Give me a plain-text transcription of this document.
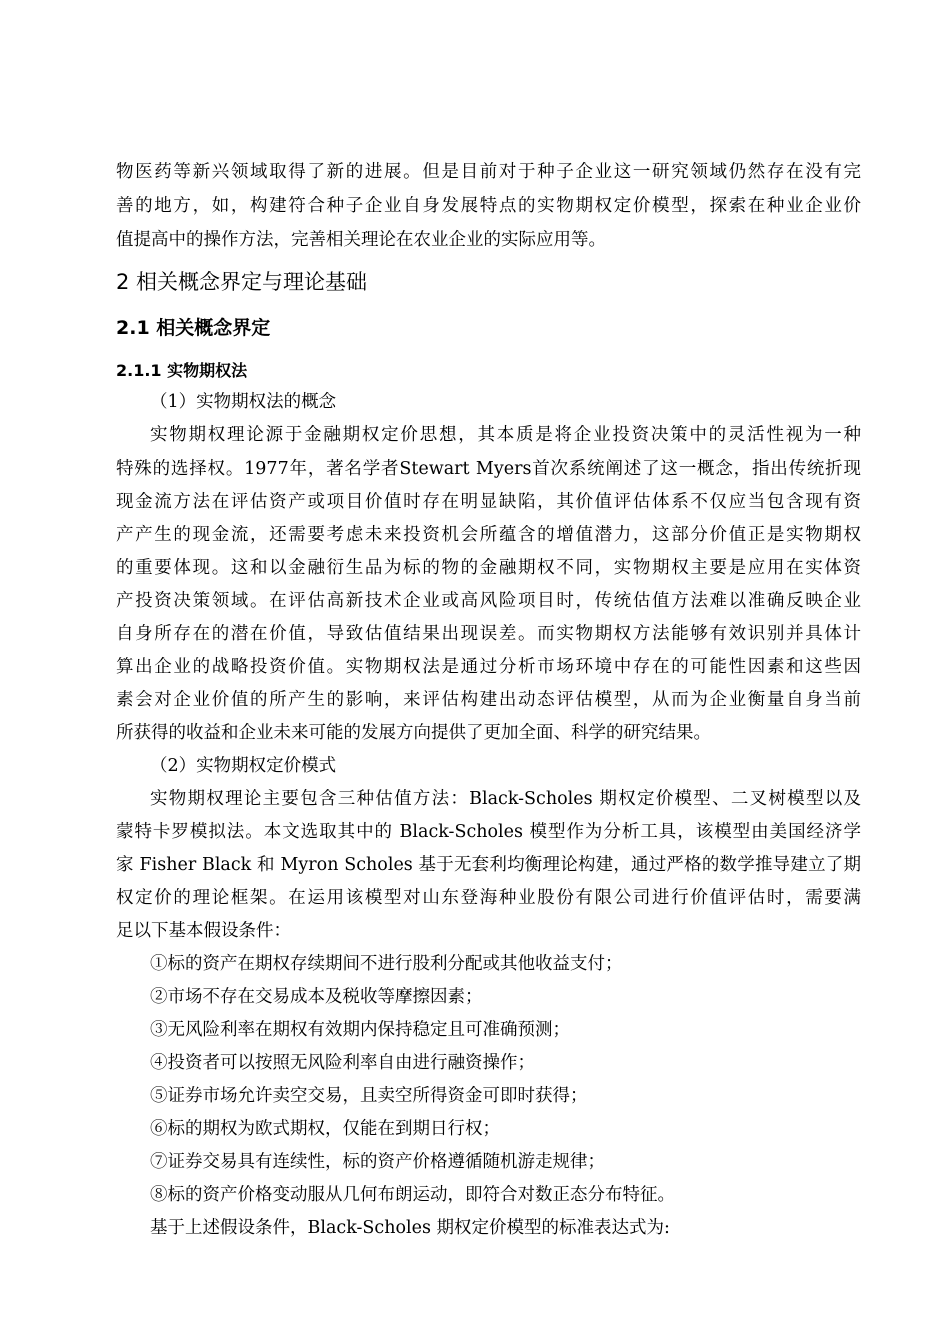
物医药等新兴领域取得了新的进展。但是目前对于种子企业这一研究领域仍然存在没有完
善的地方，如，构建符合种子企业自身发展特点的实物期权定价模型，探索在种业企业价
值提高中的操作方法，完善相关理论在农业企业的实际应用等。
2 相关概念界定与理论基础
2.1 相关概念界定
2.1.1 实物期权法
（1）实物期权法的概念
实物期权理论源于金融期权定价思想，其本质是将企业投资决策中的灵活性视为一种
特殊的选择权。1977年，著名学者Stewart Myers首次系统阐述了这一概念，指出传统折现
现金流方法在评估资产或项目价值时存在明显缺陷，其价值评估体系不仅应当包含现有资
产产生的现金流，还需要考虑未来投资机会所蕴含的增值潜力，这部分价值正是实物期权
的重要体现。这和以金融衍生品为标的物的金融期权不同，实物期权主要是应用在实体资
产投资决策领域。在评估高新技术企业或高风险项目时，传统估值方法难以准确反映企业
自身所存在的潜在价值，导致估值结果出现误差。而实物期权方法能够有效识别并具体计
算出企业的战略投资价值。实物期权法是通过分析市场环境中存在的可能性因素和这些因
素会对企业价值的所产生的影响，来评估构建出动态评估模型，从而为企业衡量自身当前
所获得的收益和企业未来可能的发展方向提供了更加全面、科学的研究结果。
（2）实物期权定价模式
实物期权理论主要包含三种估值方法：Black-Scholes 期权定价模型、二叉树模型以及
蒙特卡罗模拟法。本文选取其中的 Black-Scholes 模型作为分析工具，该模型由美国经济学
家 Fisher Black 和 Myron Scholes 基于无套利均衡理论构建，通过严格的数学推导建立了期
权定价的理论框架。在运用该模型对山东登海种业股份有限公司进行价值评估时，需要满
足以下基本假设条件：
①标的资产在期权存续期间不进行股利分配或其他收益支付；
②市场不存在交易成本及税收等摩擦因素；
③无风险利率在期权有效期内保持稳定且可准确预测；
④投资者可以按照无风险利率自由进行融资操作；
⑤证券市场允许卖空交易，且卖空所得资金可即时获得；
⑥标的期权为欧式期权，仅能在到期日行权；
⑦证券交易具有连续性，标的资产价格遵循随机游走规律；
⑧标的资产价格变动服从几何布朗运动，即符合对数正态分布特征。
基于上述假设条件，Black-Scholes 期权定价模型的标准表达式为:
